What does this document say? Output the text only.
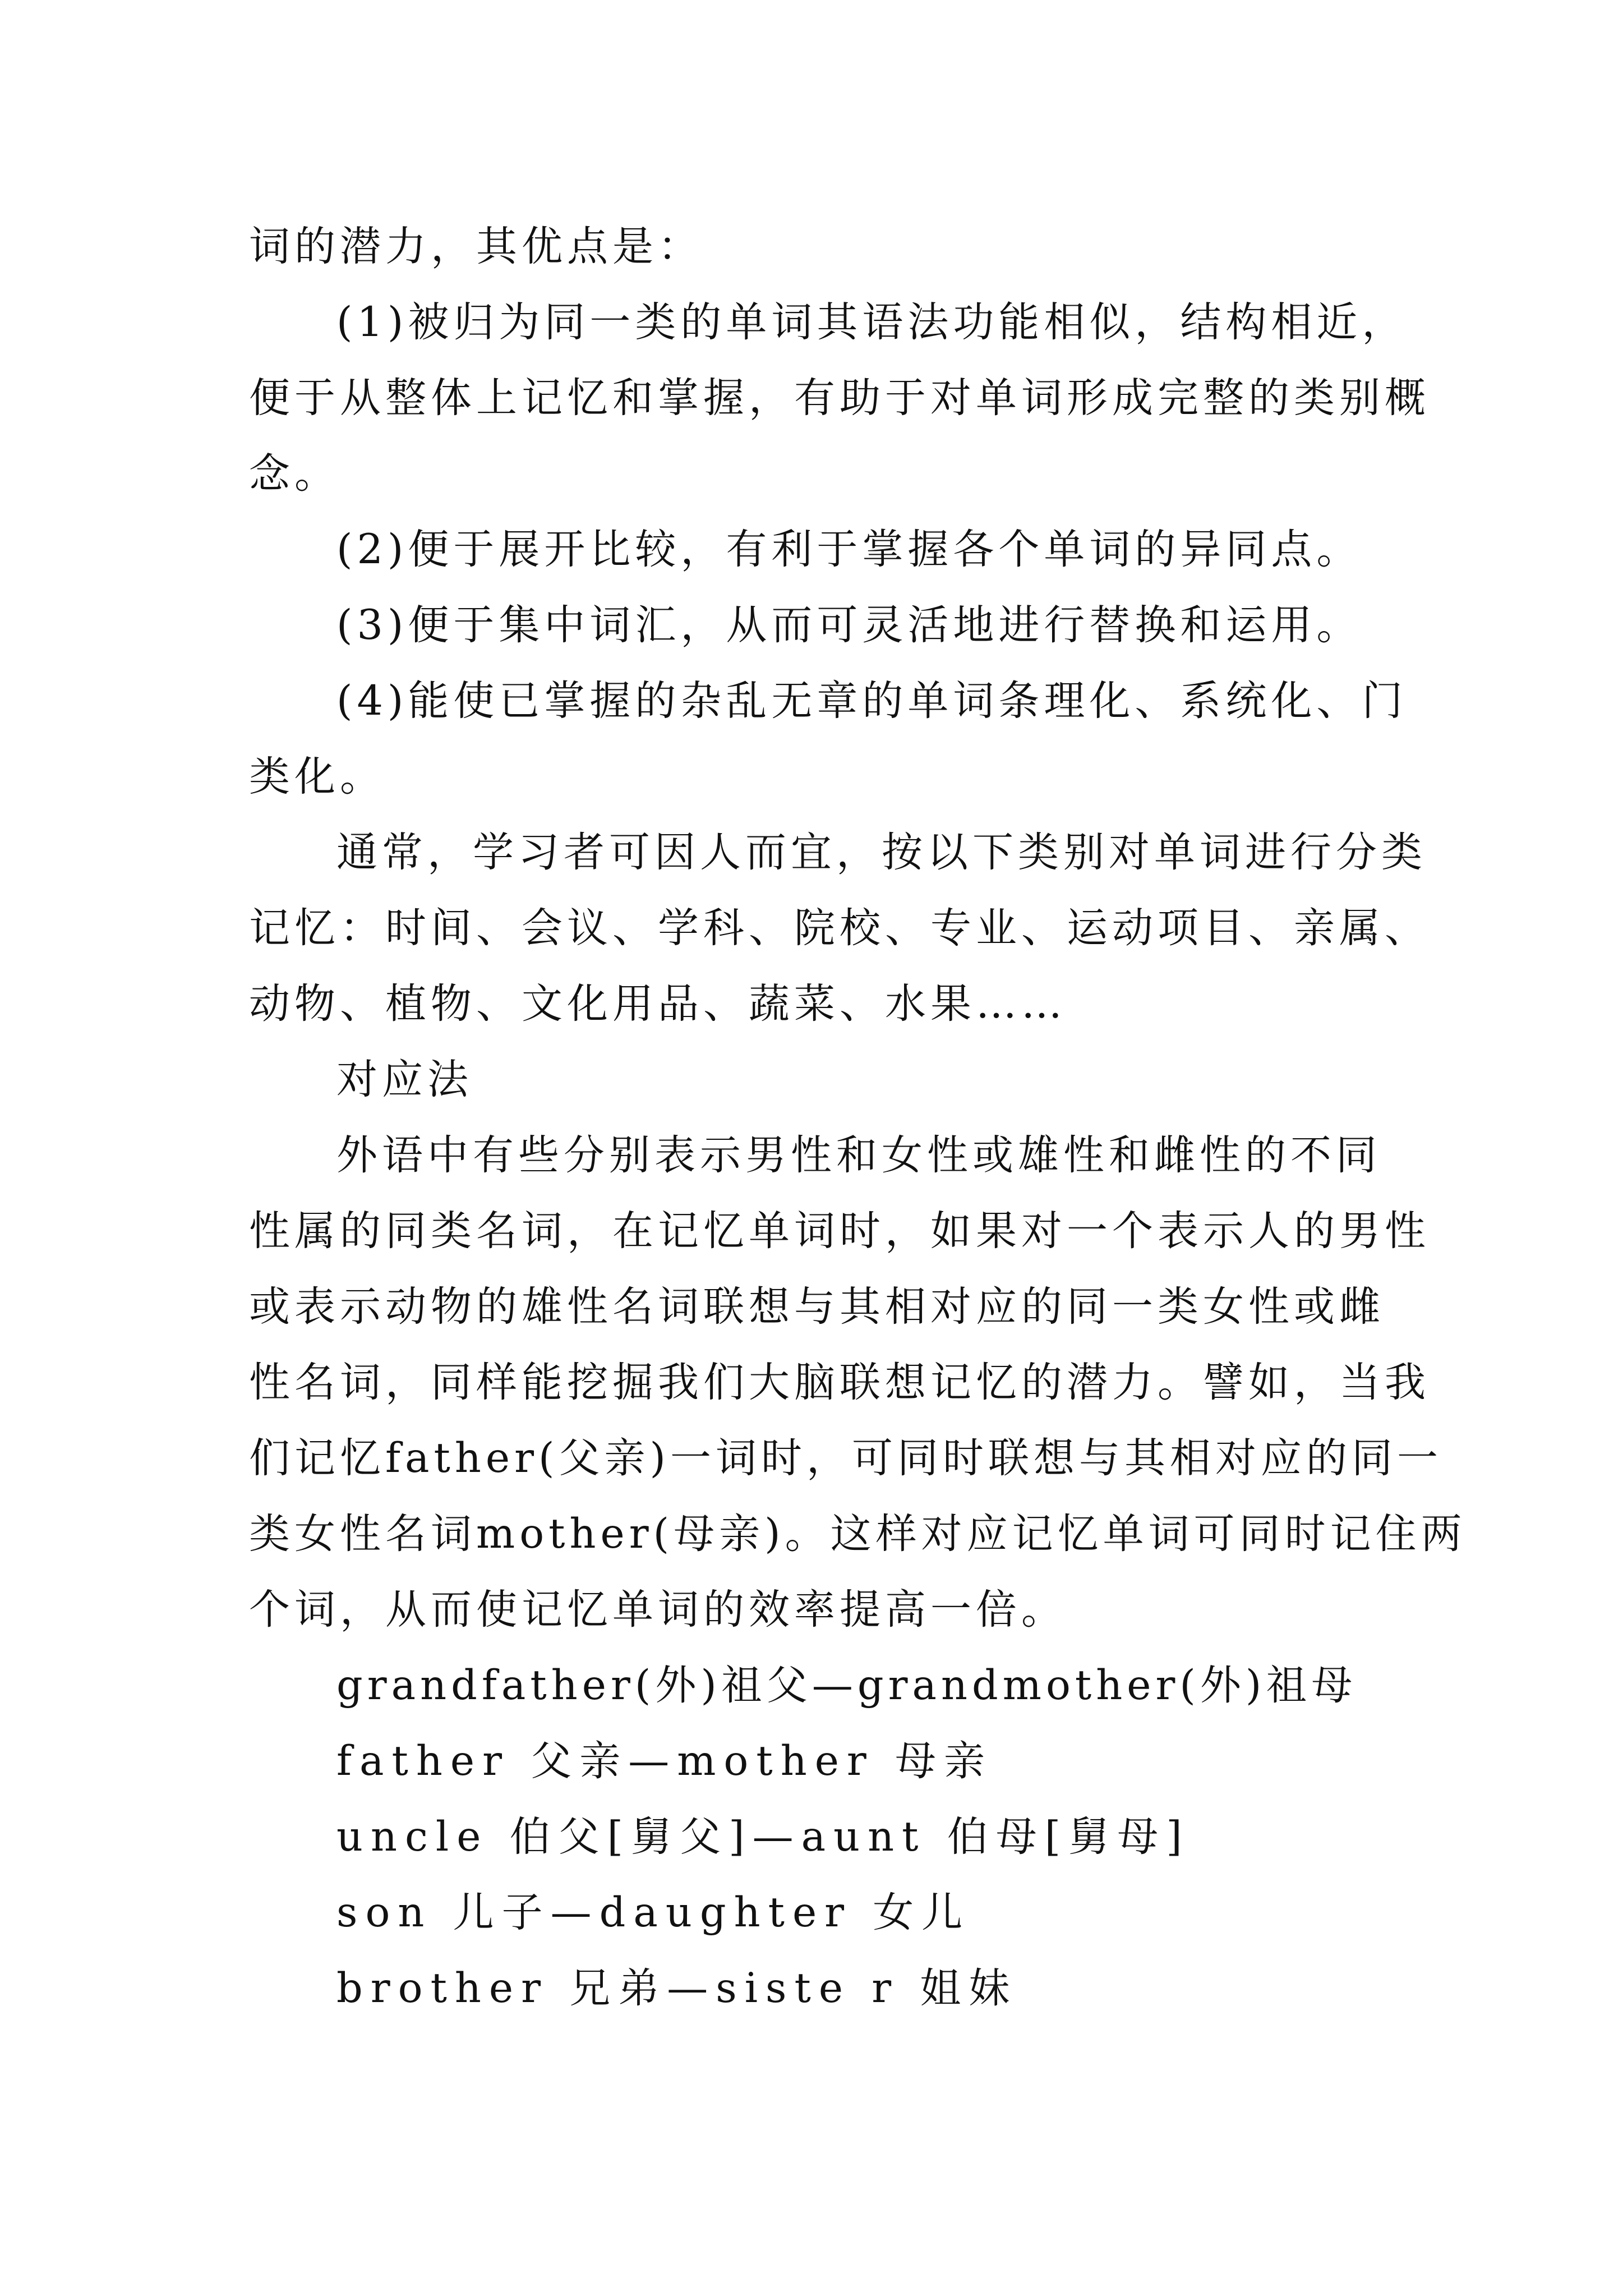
词的潜力，其优点是：
(1)被归为同一类的单词其语法功能相似，结构相近，
便于从整体上记忆和掌握，有助于对单词形成完整的类别概
念。
(2)便于展开比较，有利于掌握各个单词的异同点。
(3)便于集中词汇，从而可灵活地进行替换和运用。
(4)能使已掌握的杂乱无章的单词条理化、系统化、门
类化。
通常，学习者可因人而宜，按以下类别对单词进行分类
记忆：时间、会议、学科、院校、专业、运动项目、亲属、
动物、植物、文化用品、蔬菜、水果……
对应法
外语中有些分别表示男性和女性或雄性和雌性的不同
性属的同类名词，在记忆单词时，如果对一个表示人的男性
或表示动物的雄性名词联想与其相对应的同一类女性或雌
性名词，同样能挖掘我们大脑联想记忆的潜力。譬如，当我
们记忆father(父亲)一词时，可同时联想与其相对应的同一
类女性名词mother(母亲)。这样对应记忆单词可同时记住两
个词，从而使记忆单词的效率提高一倍。
grandfather(外)祖父—grandmother(外)祖母
father 父亲—mother 母亲
uncle 伯父[舅父]—aunt 伯母[舅母]
son 儿子—daughter 女儿
brother 兄弟—siste r 姐妹
